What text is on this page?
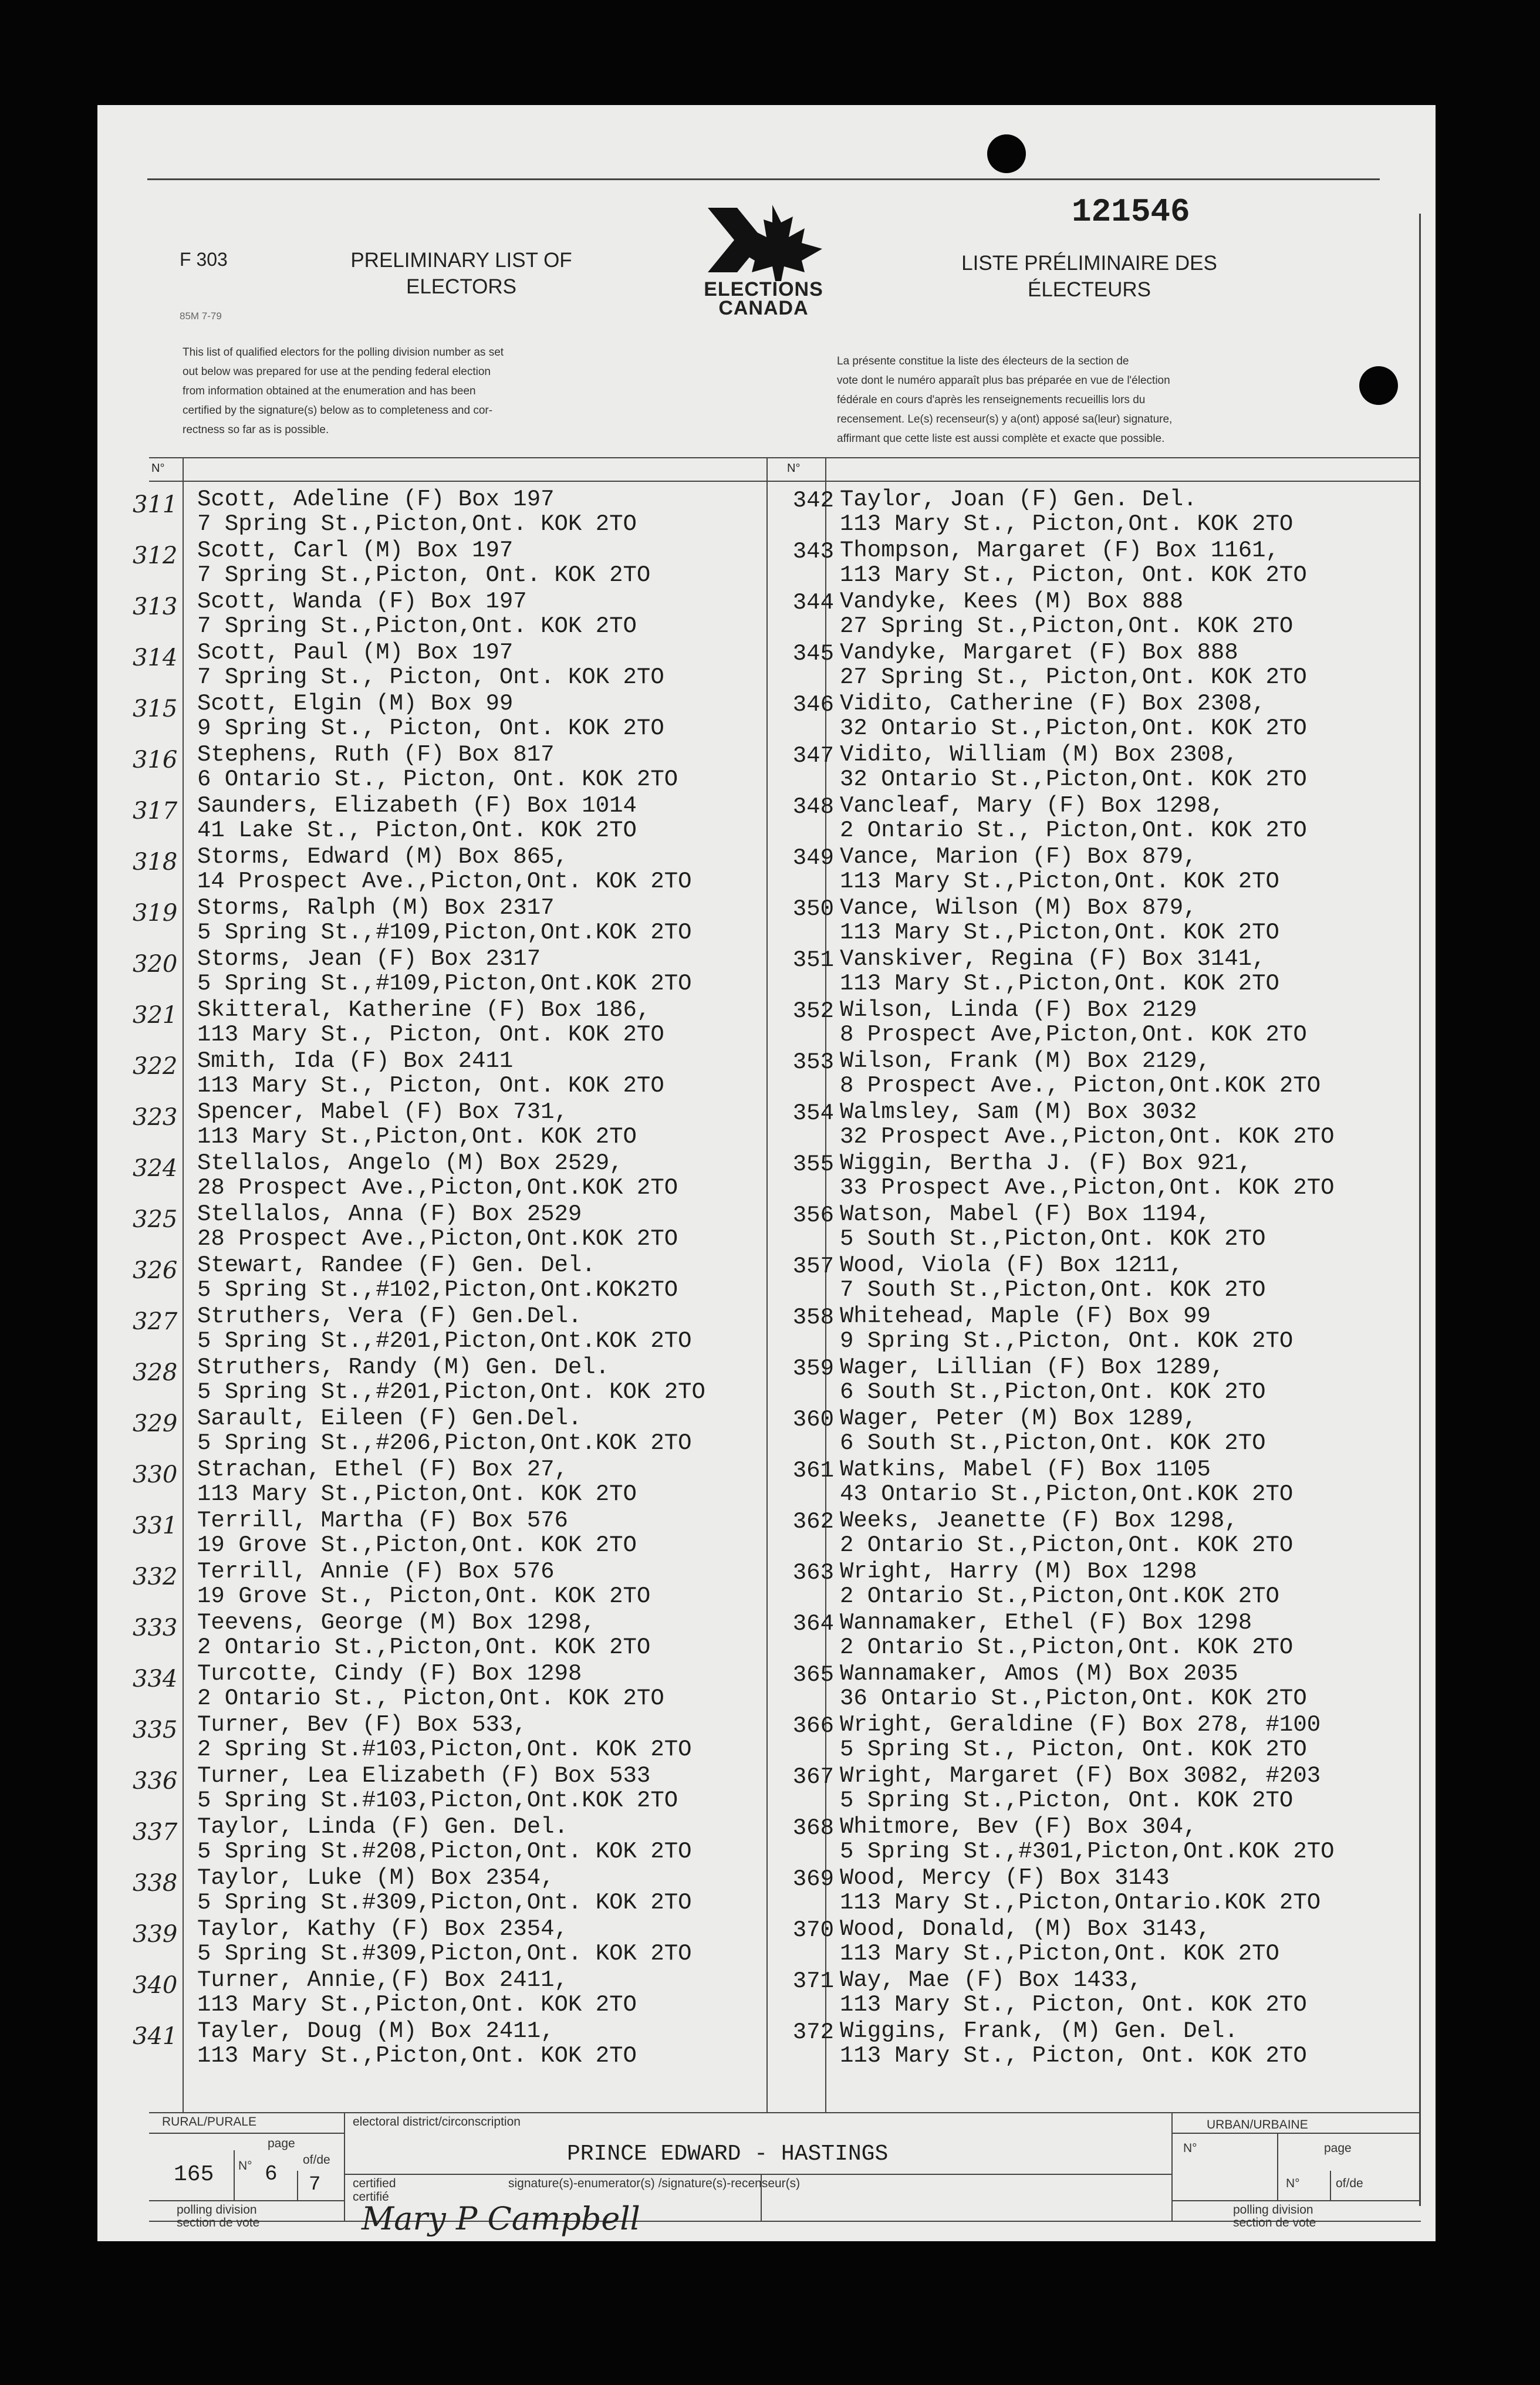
121546
F 303
85M 7-79
PRELIMINARY LIST OF
ELECTORS
LISTE PRÉLIMINAIRE DES
ÉLECTEURS
ELECTIONS
CANADA
This list of qualified electors for the polling division number as set
out below was prepared for use at the pending federal election
from information obtained at the enumeration and has been
certified by the signature(s) below as to completeness and cor-
rectness so far as is possible.
La présente constitue la liste des électeurs de la section de
vote dont le numéro apparaît plus bas préparée en vue de l'élection
fédérale en cours d'après les renseignements recueillis lors du
recensement. Le(s) recenseur(s) y a(ont) apposé sa(leur) signature,
affirmant que cette liste est aussi complète et exacte que possible.
N°	N°
311 Scott, Adeline (F) Box 197
7 Spring St.,Picton,Ont. KOK 2TO
312 Scott, Carl (M) Box 197
7 Spring St.,Picton, Ont. KOK 2TO
313 Scott, Wanda (F) Box 197
7 Spring St.,Picton,Ont. KOK 2TO
314 Scott, Paul (M) Box 197
7 Spring St., Picton, Ont. KOK 2TO
315 Scott, Elgin (M) Box 99
9 Spring St., Picton, Ont. KOK 2TO
316 Stephens, Ruth (F) Box 817
6 Ontario St., Picton, Ont. KOK 2TO
317 Saunders, Elizabeth (F) Box 1014
41 Lake St., Picton,Ont. KOK 2TO
318 Storms, Edward (M) Box 865,
14 Prospect Ave.,Picton,Ont. KOK 2TO
319 Storms, Ralph (M) Box 2317
5 Spring St.,#109,Picton,Ont.KOK 2TO
320 Storms, Jean (F) Box 2317
5 Spring St.,#109,Picton,Ont.KOK 2TO
321 Skitteral, Katherine (F) Box 186,
113 Mary St., Picton, Ont. KOK 2TO
322 Smith, Ida (F) Box 2411
113 Mary St., Picton, Ont. KOK 2TO
323 Spencer, Mabel (F) Box 731,
113 Mary St.,Picton,Ont. KOK 2TO
324 Stellalos, Angelo (M) Box 2529,
28 Prospect Ave.,Picton,Ont.KOK 2TO
325 Stellalos, Anna (F) Box 2529
28 Prospect Ave.,Picton,Ont.KOK 2TO
326 Stewart, Randee (F) Gen. Del.
5 Spring St.,#102,Picton,Ont.KOK2TO
327 Struthers, Vera (F) Gen.Del.
5 Spring St.,#201,Picton,Ont.KOK 2TO
328 Struthers, Randy (M) Gen. Del.
5 Spring St.,#201,Picton,Ont. KOK 2TO
329 Sarault, Eileen (F) Gen.Del.
5 Spring St.,#206,Picton,Ont.KOK 2TO
330 Strachan, Ethel (F) Box 27,
113 Mary St.,Picton,Ont. KOK 2TO
331 Terrill, Martha (F) Box 576
19 Grove St.,Picton,Ont. KOK 2TO
332 Terrill, Annie (F) Box 576
19 Grove St., Picton,Ont. KOK 2TO
333 Teevens, George (M) Box 1298,
2 Ontario St.,Picton,Ont. KOK 2TO
334 Turcotte, Cindy (F) Box 1298
2 Ontario St., Picton,Ont. KOK 2TO
335 Turner, Bev (F) Box 533,
2 Spring St.#103,Picton,Ont. KOK 2TO
336 Turner, Lea Elizabeth (F) Box 533
5 Spring St.#103,Picton,Ont.KOK 2TO
337 Taylor, Linda (F) Gen. Del.
5 Spring St.#208,Picton,Ont. KOK 2TO
338 Taylor, Luke (M) Box 2354,
5 Spring St.#309,Picton,Ont. KOK 2TO
339 Taylor, Kathy (F) Box 2354,
5 Spring St.#309,Picton,Ont. KOK 2TO
340 Turner, Annie,(F) Box 2411,
113 Mary St.,Picton,Ont. KOK 2TO
341 Tayler, Doug (M) Box 2411,
113 Mary St.,Picton,Ont. KOK 2TO
342 Taylor, Joan (F) Gen. Del.
113 Mary St., Picton,Ont. KOK 2TO
343 Thompson, Margaret (F) Box 1161,
113 Mary St., Picton, Ont. KOK 2TO
344 Vandyke, Kees (M) Box 888
27 Spring St.,Picton,Ont. KOK 2TO
345 Vandyke, Margaret (F) Box 888
27 Spring St., Picton,Ont. KOK 2TO
346 Vidito, Catherine (F) Box 2308,
32 Ontario St.,Picton,Ont. KOK 2TO
347 Vidito, William (M) Box 2308,
32 Ontario St.,Picton,Ont. KOK 2TO
348 Vancleaf, Mary (F) Box 1298,
2 Ontario St., Picton,Ont. KOK 2TO
349 Vance, Marion (F) Box 879,
113 Mary St.,Picton,Ont. KOK 2TO
350 Vance, Wilson (M) Box 879,
113 Mary St.,Picton,Ont. KOK 2TO
351 Vanskiver, Regina (F) Box 3141,
113 Mary St.,Picton,Ont. KOK 2TO
352 Wilson, Linda (F) Box 2129
8 Prospect Ave,Picton,Ont. KOK 2TO
353 Wilson, Frank (M) Box 2129,
8 Prospect Ave., Picton,Ont.KOK 2TO
354 Walmsley, Sam (M) Box 3032
32 Prospect Ave.,Picton,Ont. KOK 2TO
355 Wiggin, Bertha J. (F) Box 921,
33 Prospect Ave.,Picton,Ont. KOK 2TO
356 Watson, Mabel (F) Box 1194,
5 South St.,Picton,Ont. KOK 2TO
357 Wood, Viola (F) Box 1211,
7 South St.,Picton,Ont. KOK 2TO
358 Whitehead, Maple (F) Box 99
9 Spring St.,Picton, Ont. KOK 2TO
359 Wager, Lillian (F) Box 1289,
6 South St.,Picton,Ont. KOK 2TO
360 Wager, Peter (M) Box 1289,
6 South St.,Picton,Ont. KOK 2TO
361 Watkins, Mabel (F) Box 1105
43 Ontario St.,Picton,Ont.KOK 2TO
362 Weeks, Jeanette (F) Box 1298,
2 Ontario St.,Picton,Ont. KOK 2TO
363 Wright, Harry (M) Box 1298
2 Ontario St.,Picton,Ont.KOK 2TO
364 Wannamaker, Ethel (F) Box 1298
2 Ontario St.,Picton,Ont. KOK 2TO
365 Wannamaker, Amos (M) Box 2035
36 Ontario St.,Picton,Ont. KOK 2TO
366 Wright, Geraldine (F) Box 278, #100
5 Spring St., Picton, Ont. KOK 2TO
367 Wright, Margaret (F) Box 3082, #203
5 Spring St.,Picton, Ont. KOK 2TO
368 Whitmore, Bev (F) Box 304,
5 Spring St.,#301,Picton,Ont.KOK 2TO
369 Wood, Mercy (F) Box 3143
113 Mary St.,Picton,Ontario.KOK 2TO
370 Wood, Donald, (M) Box 3143,
113 Mary St.,Picton,Ont. KOK 2TO
371 Way, Mae (F) Box 1433,
113 Mary St., Picton, Ont. KOK 2TO
372 Wiggins, Frank, (M) Gen. Del.
113 Mary St., Picton, Ont. KOK 2TO
RURAL/PURALE
page
165 N° 6
of/de
7
polling division
section de vote
electoral district/circonscription
PRINCE EDWARD - HASTINGS
certified
certifié
signature(s)-enumerator(s) /signature(s)-recenseur(s)
Mary P Campbell
URBAN/URBAINE
N°	page
N°	of/de
polling division
section de vote
